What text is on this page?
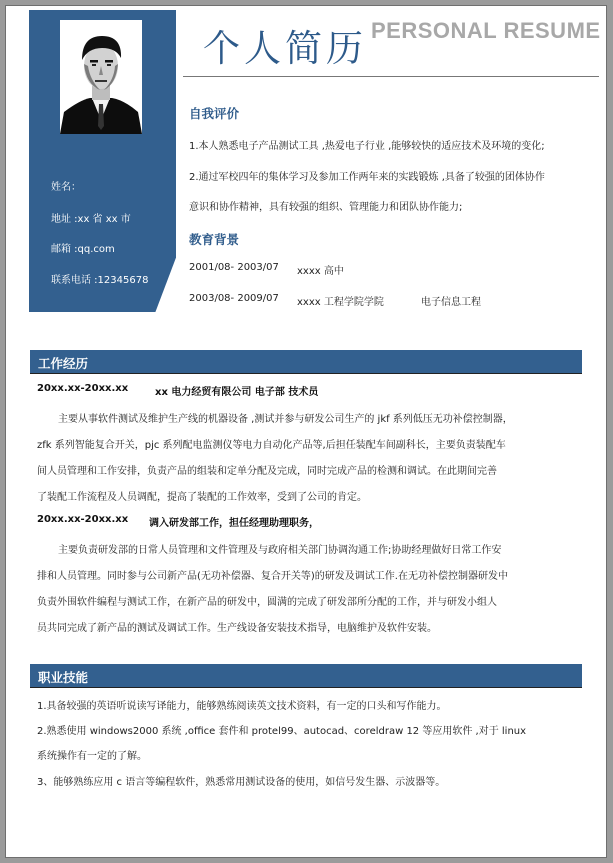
姓名：
地址 :xx 省 xx 市
邮箱 :qq.com
联系电话 :12345678
个人简历 PERSONAL RESUME
自我评价
1.本人熟悉电子产品测试工具 ,热爱电子行业 ,能够较快的适应技术及环境的变化;
2.通过军校四年的集体学习及参加工作两年来的实践锻炼 ,具备了较强的团体协作
意识和协作精神，具有较强的组织、管理能力和团队协作能力;
教育背景
2001/08- 2003/07 xxxx 高中
2003/08- 2009/07 xxxx 工程学院学院	电子信息工程
工作经历
20xx.xx-20xx.xx	xx 电力经贸有限公司 电子部 技术员
主要从事软件测试及维护生产线的机器设备 ,测试并参与研发公司生产的 jkf 系列低压无功补偿控制器，
zfk 系列智能复合开关，pjc 系列配电监测仪等电力自动化产品等,后担任装配车间副科长，主要负责装配车
间人员管理和工作安排，负责产品的组装和定单分配及完成，同时完成产品的检测和调试。在此期间完善
了装配工作流程及人员调配，提高了装配的工作效率，受到了公司的肯定。
20xx.xx-20xx.xx 调入研发部工作，担任经理助理职务，
主要负责研发部的日常人员管理和文件管理及与政府相关部门协调沟通工作;协助经理做好日常工作安
排和人员管理。同时参与公司新产品(无功补偿器、复合开关等)的研发及调试工作.在无功补偿控制器研发中
负责外围软件编程与测试工作，在新产品的研发中，圆满的完成了研发部所分配的工作，并与研发小组人
员共同完成了新产品的测试及调试工作。生产线设备安装技术指导，电脑维护及软件安装。
职业技能
1.具备较强的英语听说读写译能力，能够熟练阅读英文技术资料，有一定的口头和写作能力。
2.熟悉使用 windows2000 系统 ,office 套件和 protel99、autocad、coreldraw 12 等应用软件 ,对于 linux
系统操作有一定的了解。
3、能够熟练应用 c 语言等编程软件，熟悉常用测试设备的使用，如信号发生器、示波器等。
